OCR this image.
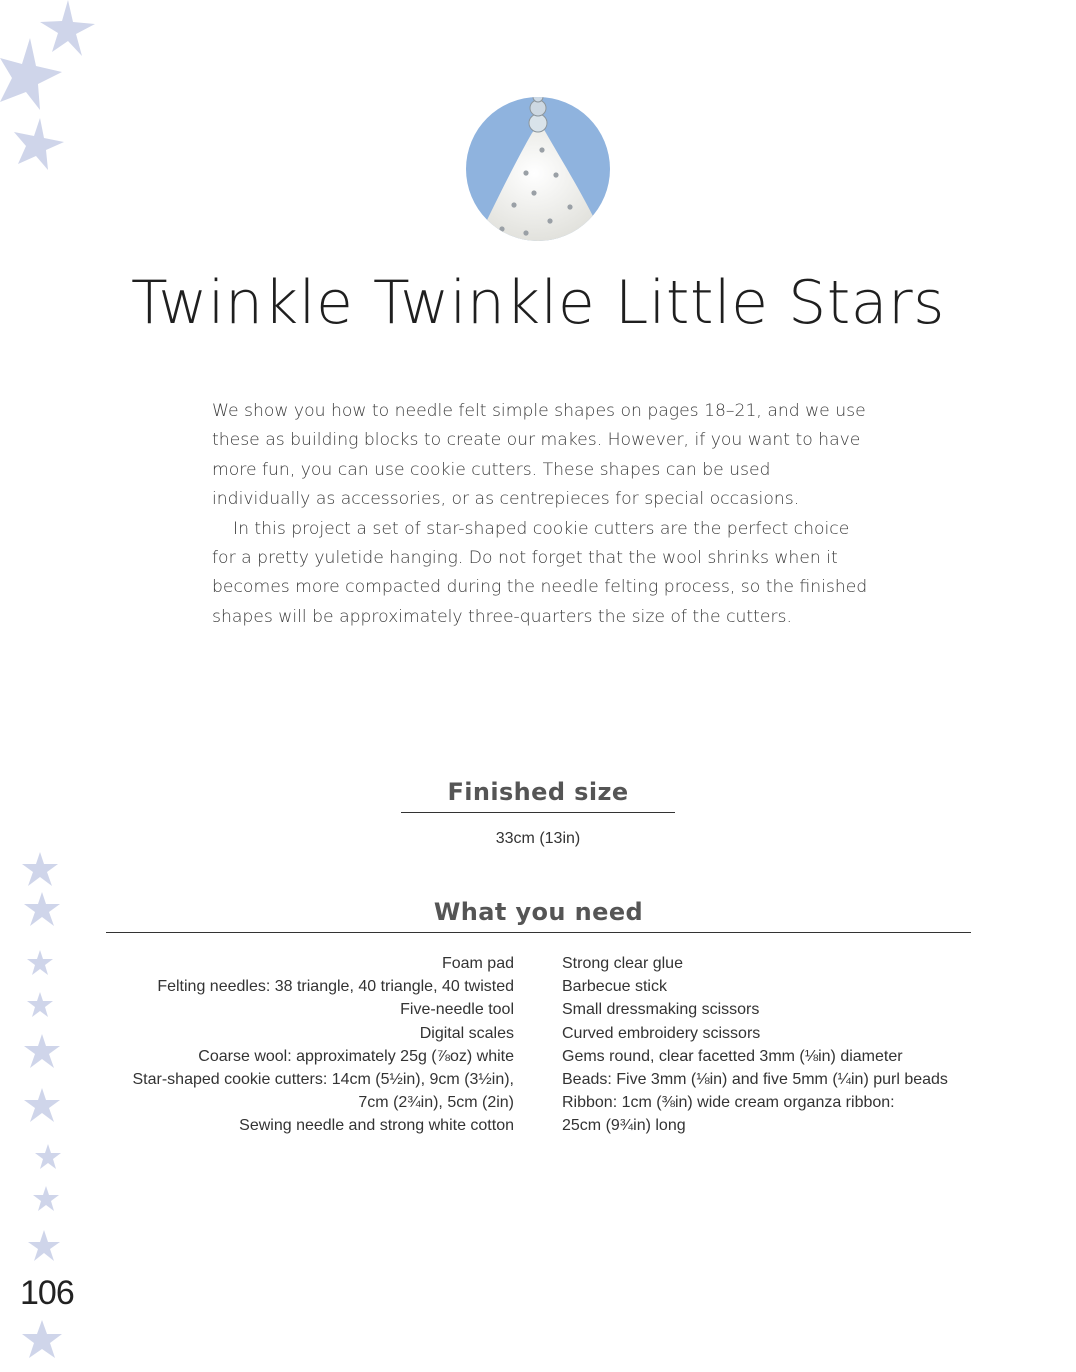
Twinkle Twinkle Little Stars

We show you how to needle felt simple shapes on pages 18–21, and we use these as building blocks to create our makes. However, if you want to have more fun, you can use cookie cutters. These shapes can be used individually as accessories, or as centrepieces for special occasions.

In this project a set of star-shaped cookie cutters are the perfect choice for a pretty yuletide hanging. Do not forget that the wool shrinks when it becomes more compacted during the needle felting process, so the finished shapes will be approximately three-quarters the size of the cutters.

Finished size
33cm (13in)
What you need
Foam pad
Felting needles: 38 triangle, 40 triangle, 40 twisted
Five-needle tool
Digital scales
Coarse wool: approximately 25g (⅞oz) white
Star-shaped cookie cutters: 14cm (5½in), 9cm (3½in),
7cm (2¾in), 5cm (2in)
Sewing needle and strong white cotton
Strong clear glue
Barbecue stick
Small dressmaking scissors
Curved embroidery scissors
Gems round, clear facetted 3mm (⅛in) diameter
Beads: Five 3mm (⅛in) and five 5mm (¼in) purl beads
Ribbon: 1cm (⅜in) wide cream organza ribbon:
25cm (9¾in) long
106
